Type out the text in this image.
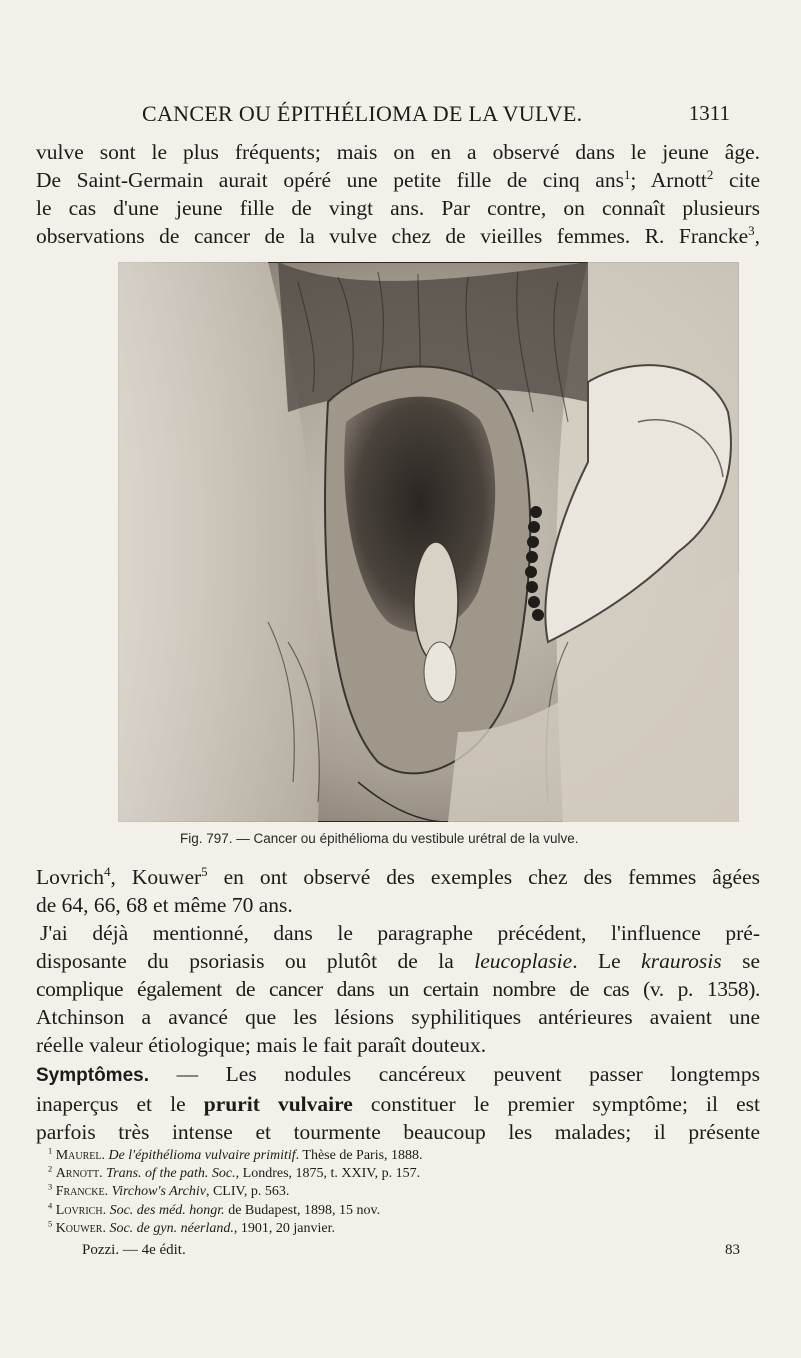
CANCER OU ÉPITHÉLIOMA DE LA VULVE.	1311
vulve sont le plus fréquents; mais on en a observé dans le jeune âge.
De Saint-Germain aurait opéré une petite fille de cinq ans$^1$; Arnott$^2$ cite
le cas d'une jeune fille de vingt ans. Par contre, on connaît plusieurs
observations de cancer de la vulve chez de vieilles femmes. R. Francke$^3$,
Fig. 797. — Cancer ou épithélioma du vestibule urétral de la vulve.
Lovrich$^4$, Kouwer$^5$ en ont observé des exemples chez des femmes âgées
de 64, 66, 68 et même 70 ans.
J'ai déjà mentionné, dans le paragraphe précédent, l'influence pré-
disposante du psoriasis ou plutôt de la leucoplasie. Le kraurosis se
complique également de cancer dans un certain nombre de cas (v. p. 1358).
Atchinson a avancé que les lésions syphilitiques antérieures avaient une
réelle valeur étiologique; mais le fait paraît douteux.
Symptômes. — Les nodules cancéreux peuvent passer longtemps
inaperçus et le prurit vulvaire constituer le premier symptôme; il est
parfois très intense et tourmente beaucoup les malades; il présente
$^1$ Maurel. De l'épithélioma vulvaire primitif. Thèse de Paris, 1888.
$^2$ Arnott. Trans. of the path. Soc., Londres, 1875, t. XXIV, p. 157.
$^3$ Francke. Virchow's Archiv, CLIV, p. 563.
$^4$ Lovrich. Soc. des méd. hongr. de Budapest, 1898, 15 nov.
$^5$ Kouwer. Soc. de gyn. néerland., 1901, 20 janvier.
Pozzi. — 4e édit.	83
